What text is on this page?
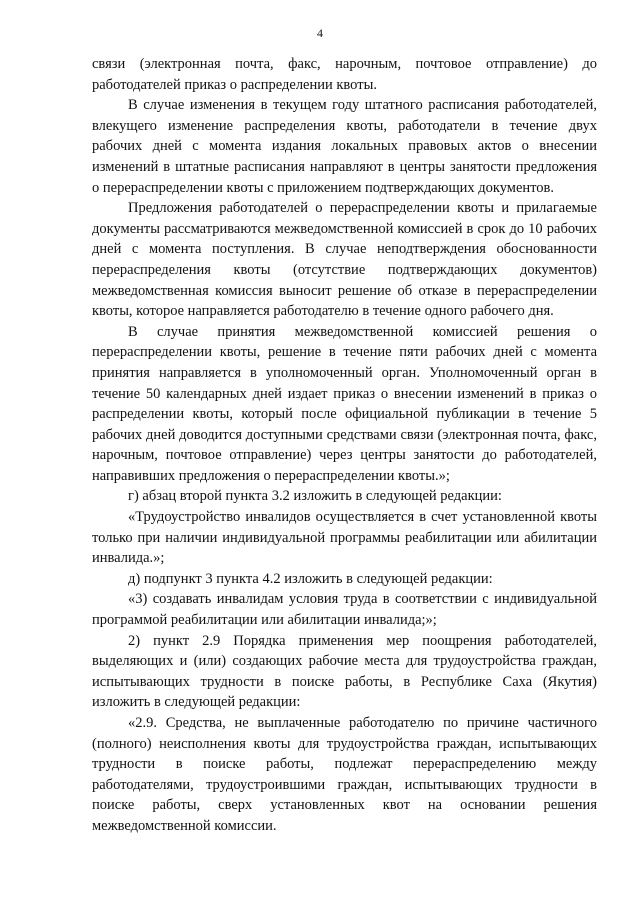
4

связи (электронная почта, факс, нарочным, почтовое отправление) до работодателей приказ о распределении квоты.

В случае изменения в текущем году штатного расписания работодателей, влекущего изменение распределения квоты, работодатели в течение двух рабочих дней с момента издания локальных правовых актов о внесении изменений в штатные расписания направляют в центры занятости предложения о перераспределении квоты с приложением подтверждающих документов.

Предложения работодателей о перераспределении квоты и прилагаемые документы рассматриваются межведомственной комиссией в срок до 10 рабочих дней с момента поступления. В случае неподтверждения обоснованности перераспределения квоты (отсутствие подтверждающих документов) межведомственная комиссия выносит решение об отказе в перераспределении квоты, которое направляется работодателю в течение одного рабочего дня.

В случае принятия межведомственной комиссией решения о перераспределении квоты, решение в течение пяти рабочих дней с момента принятия направляется в уполномоченный орган. Уполномоченный орган в течение 50 календарных дней издает приказ о внесении изменений в приказ о распределении квоты, который после официальной публикации в течение 5 рабочих дней доводится доступными средствами связи (электронная почта, факс, нарочным, почтовое отправление) через центры занятости до работодателей, направивших предложения о перераспределении квоты.»;

г) абзац второй пункта 3.2 изложить в следующей редакции:

«Трудоустройство инвалидов осуществляется в счет установленной квоты только при наличии индивидуальной программы реабилитации или абилитации инвалида.»;

д) подпункт 3 пункта 4.2 изложить в следующей редакции:

«3) создавать инвалидам условия труда в соответствии с индивидуальной программой реабилитации или абилитации инвалида;»;

2) пункт 2.9 Порядка применения мер поощрения работодателей, выделяющих и (или) создающих рабочие места для трудоустройства граждан, испытывающих трудности в поиске работы, в Республике Саха (Якутия) изложить в следующей редакции:

«2.9. Средства, не выплаченные работодателю по причине частичного (полного) неисполнения квоты для трудоустройства граждан, испытывающих трудности в поиске работы, подлежат перераспределению между работодателями, трудоустроившими граждан, испытывающих трудности в поиске работы, сверх установленных квот на основании решения межведомственной комиссии.
